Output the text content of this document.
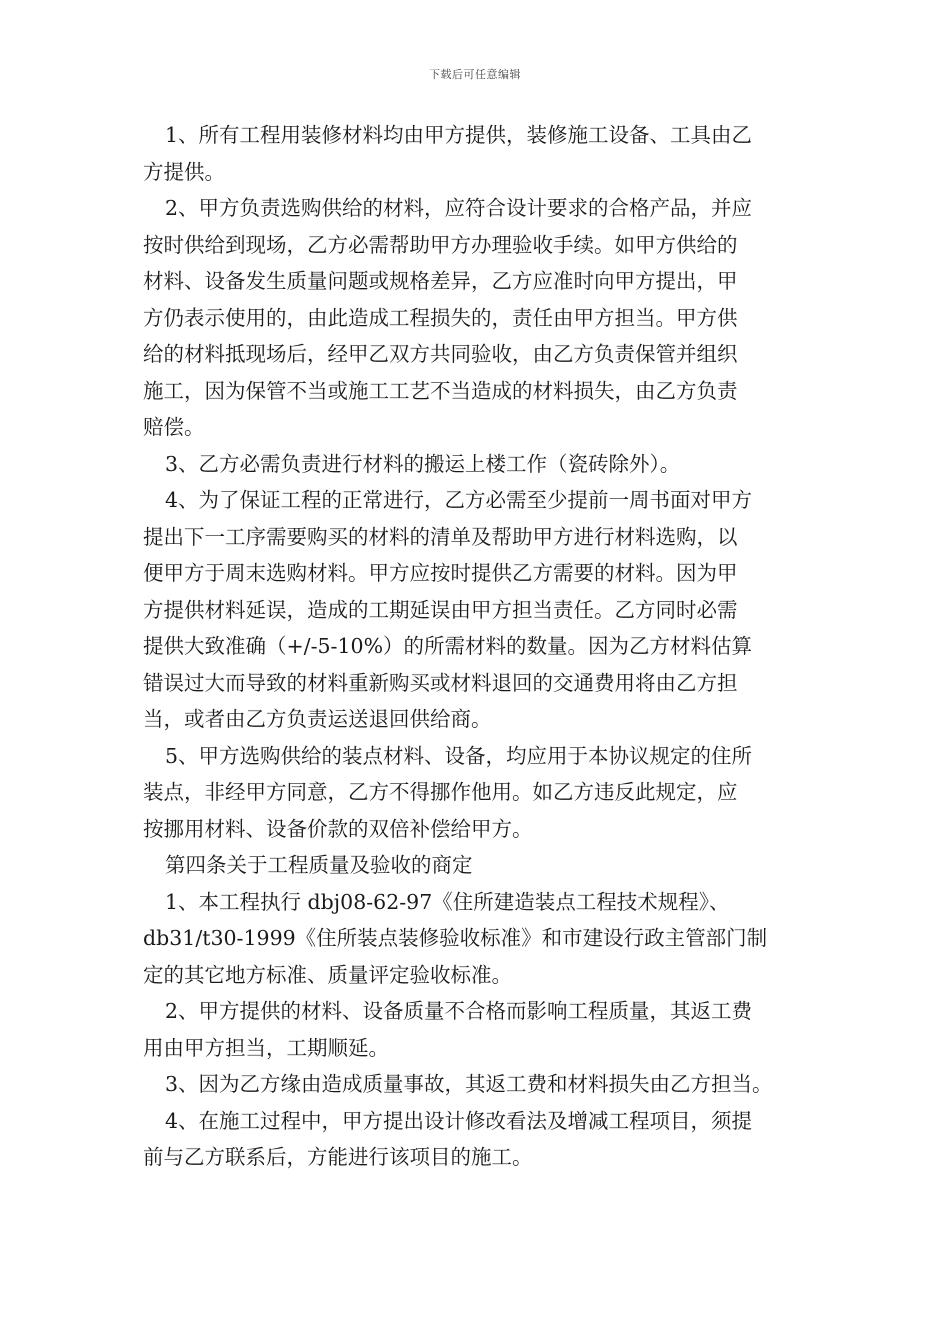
下载后可任意编辑

1、所有工程用装修材料均由甲方提供，装修施工设备、工具由乙
方提供。

2、甲方负责选购供给的材料，应符合设计要求的合格产品，并应
按时供给到现场，乙方必需帮助甲方办理验收手续。如甲方供给的
材料、设备发生质量问题或规格差异，乙方应准时向甲方提出，甲
方仍表示使用的，由此造成工程损失的，责任由甲方担当。甲方供
给的材料抵现场后，经甲乙双方共同验收，由乙方负责保管并组织
施工，因为保管不当或施工工艺不当造成的材料损失，由乙方负责
赔偿。

3、乙方必需负责进行材料的搬运上楼工作（瓷砖除外）。

4、为了保证工程的正常进行，乙方必需至少提前一周书面对甲方
提出下一工序需要购买的材料的清单及帮助甲方进行材料选购，以
便甲方于周末选购材料。甲方应按时提供乙方需要的材料。因为甲
方提供材料延误，造成的工期延误由甲方担当责任。乙方同时必需
提供大致准确（+/-5-10%）的所需材料的数量。因为乙方材料估算
错误过大而导致的材料重新购买或材料退回的交通费用将由乙方担
当，或者由乙方负责运送退回供给商。

5、甲方选购供给的装点材料、设备，均应用于本协议规定的住所
装点，非经甲方同意，乙方不得挪作他用。如乙方违反此规定，应
按挪用材料、设备价款的双倍补偿给甲方。

第四条关于工程质量及验收的商定

1、本工程执行 dbj08-62-97《住所建造装点工程技术规程》、
db31/t30-1999《住所装点装修验收标准》和市建设行政主管部门制
定的其它地方标准、质量评定验收标准。

2、甲方提供的材料、设备质量不合格而影响工程质量，其返工费
用由甲方担当，工期顺延。

3、因为乙方缘由造成质量事故，其返工费和材料损失由乙方担当。

4、在施工过程中，甲方提出设计修改看法及增减工程项目，须提
前与乙方联系后，方能进行该项目的施工。
